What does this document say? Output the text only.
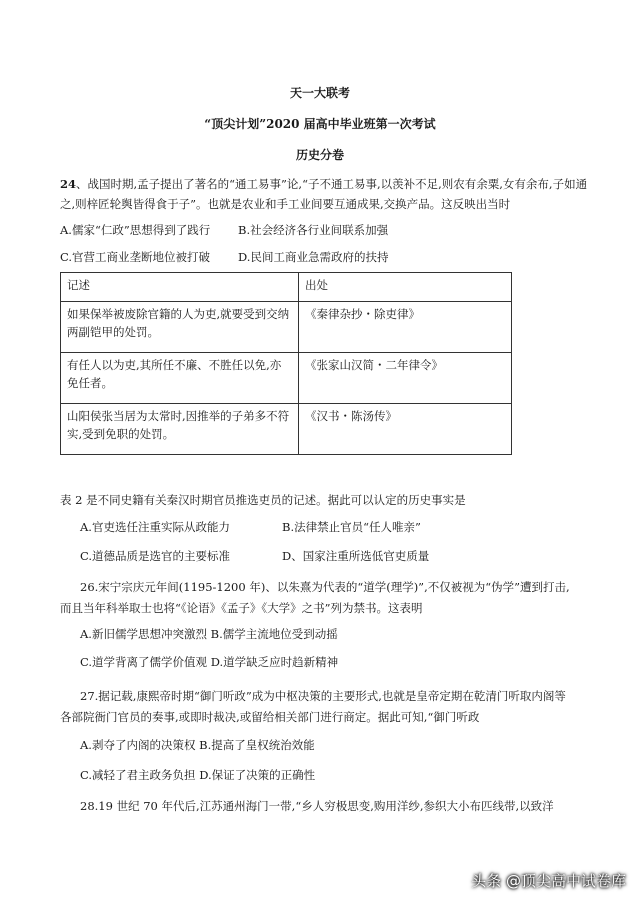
天一大联考
“顶尖计划”2020 届高中毕业班第一次考试
历史分卷
24、战国时期,孟子提出了著名的“通工易事”论,“子不通工易事,以羡补不足,则农有余粟,女有余布,子如通
之,则梓匠轮舆皆得食于子”。也就是农业和手工业间要互通成果,交换产品。这反映出当时
A.儒家“仁政”思想得到了践行 B.社会经济各行业间联系加强
C.官营工商业垄断地位被打破 D.民间工商业急需政府的扶持
记述	出处
如果保举被废除官籍的人为吏,就要受到交纳两副铠甲的处罚。	《秦律杂抄・除吏律》
有任人以为吏,其所任不廉、不胜任以免,亦免任者。	《张家山汉简・二年律令》
山阳侯张当居为太常时,因推举的子弟多不符实,受到免职的处罚。	《汉书・陈汤传》
表 2 是不同史籍有关秦汉时期官员推选吏员的记述。据此可以认定的历史事实是
A.官吏选任注重实际从政能力	B.法律禁止官员“任人唯亲”
C.道德品质是选官的主要标准	D、国家注重所选低官吏质量
26.宋宁宗庆元年间(1195-1200 年)、以朱熹为代表的“道学(理学)”,不仅被视为“伪学”遭到打击,
而且当年科举取士也将“《论语》《孟子》《大学》之书”列为禁书。这表明
A.新旧儒学思想冲突激烈 B.儒学主流地位受到动摇
C.道学背离了儒学价值观 D.道学缺乏应时趋新精神
27.据记载,康熙帝时期“御门听政”成为中枢决策的主要形式,也就是皇帝定期在乾清门听取内阁等
各部院衙门官员的奏事,或即时裁决,或留给相关部门进行商定。据此可知,“御门听政
A.剥夺了内阁的决策权 B.提高了皇权统治效能
C.减轻了君主政务负担 D.保证了决策的正确性
28.19 世纪 70 年代后,江苏通州海门一带,“乡人穷极思变,购用洋纱,参织大小布匹线带,以致洋
头条 @顶尖高中试卷库
